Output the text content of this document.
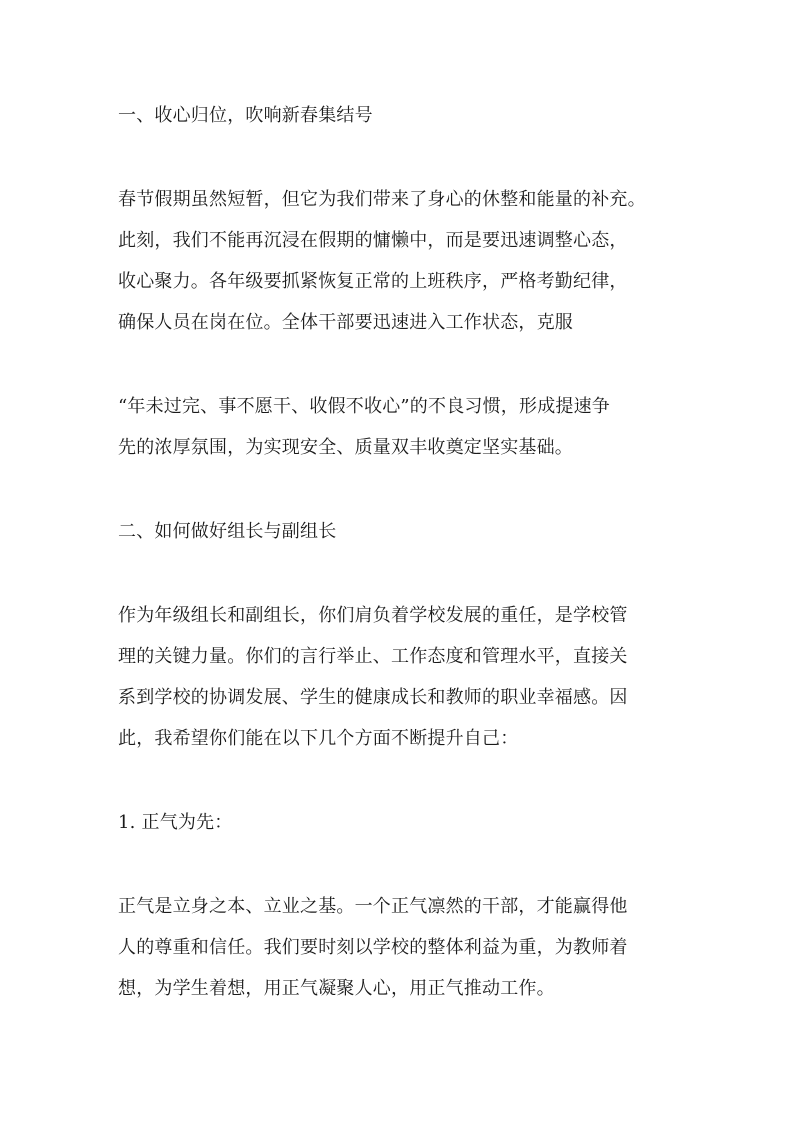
一、收心归位，吹响新春集结号
春节假期虽然短暂，但它为我们带来了身心的休整和能量的补充。
此刻，我们不能再沉浸在假期的慵懒中，而是要迅速调整心态，
收心聚力。各年级要抓紧恢复正常的上班秩序，严格考勤纪律，
确保人员在岗在位。全体干部要迅速进入工作状态，克服
“年未过完、事不愿干、收假不收心”的不良习惯，形成提速争
先的浓厚氛围，为实现安全、质量双丰收奠定坚实基础。
二、如何做好组长与副组长
作为年级组长和副组长，你们肩负着学校发展的重任，是学校管
理的关键力量。你们的言行举止、工作态度和管理水平，直接关
系到学校的协调发展、学生的健康成长和教师的职业幸福感。因
此，我希望你们能在以下几个方面不断提升自己：
1. 正气为先：
正气是立身之本、立业之基。一个正气凛然的干部，才能赢得他
人的尊重和信任。我们要时刻以学校的整体利益为重，为教师着
想，为学生着想，用正气凝聚人心，用正气推动工作。
